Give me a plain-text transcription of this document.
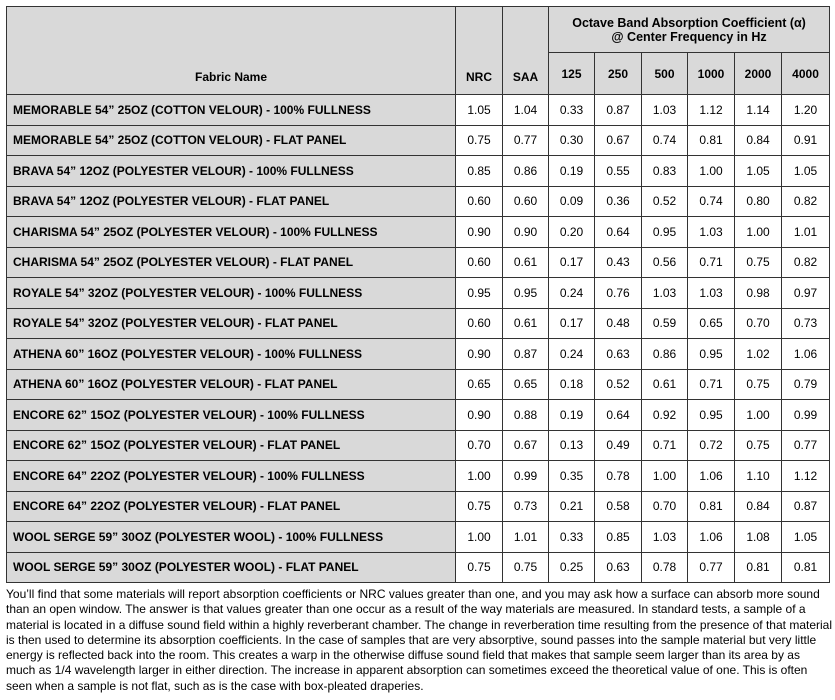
Fabric Name	NRC	SAA	Octave Band Absorption Coefficient (α)
@ Center Frequency in Hz					

			125	250	500	1000	2000	4000
MEMORABLE 54” 25OZ (COTTON VELOUR) - 100% FULLNESS	1.05	1.04	0.33	0.87	1.03	1.12	1.14	1.20
MEMORABLE 54” 25OZ (COTTON VELOUR) - FLAT PANEL	0.75	0.77	0.30	0.67	0.74	0.81	0.84	0.91
BRAVA 54” 12OZ (POLYESTER VELOUR) - 100% FULLNESS	0.85	0.86	0.19	0.55	0.83	1.00	1.05	1.05
BRAVA 54” 12OZ (POLYESTER VELOUR) - FLAT PANEL	0.60	0.60	0.09	0.36	0.52	0.74	0.80	0.82
CHARISMA 54” 25OZ (POLYESTER VELOUR) - 100% FULLNESS	0.90	0.90	0.20	0.64	0.95	1.03	1.00	1.01
CHARISMA 54” 25OZ (POLYESTER VELOUR) - FLAT PANEL	0.60	0.61	0.17	0.43	0.56	0.71	0.75	0.82
ROYALE 54” 32OZ (POLYESTER VELOUR) - 100% FULLNESS	0.95	0.95	0.24	0.76	1.03	1.03	0.98	0.97
ROYALE 54” 32OZ (POLYESTER VELOUR) - FLAT PANEL	0.60	0.61	0.17	0.48	0.59	0.65	0.70	0.73
ATHENA 60” 16OZ (POLYESTER VELOUR) - 100% FULLNESS	0.90	0.87	0.24	0.63	0.86	0.95	1.02	1.06
ATHENA 60” 16OZ (POLYESTER VELOUR) - FLAT PANEL	0.65	0.65	0.18	0.52	0.61	0.71	0.75	0.79
ENCORE 62” 15OZ (POLYESTER VELOUR) - 100% FULLNESS	0.90	0.88	0.19	0.64	0.92	0.95	1.00	0.99
ENCORE 62” 15OZ (POLYESTER VELOUR) - FLAT PANEL	0.70	0.67	0.13	0.49	0.71	0.72	0.75	0.77
ENCORE 64” 22OZ (POLYESTER VELOUR) - 100% FULLNESS	1.00	0.99	0.35	0.78	1.00	1.06	1.10	1.12
ENCORE 64” 22OZ (POLYESTER VELOUR) - FLAT PANEL	0.75	0.73	0.21	0.58	0.70	0.81	0.84	0.87
WOOL SERGE 59” 30OZ (POLYESTER WOOL) - 100% FULLNESS	1.00	1.01	0.33	0.85	1.03	1.06	1.08	1.05
WOOL SERGE 59” 30OZ (POLYESTER WOOL) - FLAT PANEL	0.75	0.75	0.25	0.63	0.78	0.77	0.81	0.81

You’ll find that some materials will report absorption coefficients or NRC values greater than one, and you may ask how a surface can absorb more sound than an open window. The answer is that values greater than one occur as a result of the way materials are measured. In standard tests, a sample of a material is located in a diffuse sound field within a highly reverberant chamber. The change in reverberation time resulting from the presence of that material is then used to determine its absorption coefficients. In the case of samples that are very absorptive, sound passes into the sample material but very little energy is reflected back into the room. This creates a warp in the otherwise diffuse sound field that makes that sample seem larger than its area by as much as 1/4 wavelength larger in either direction. The increase in apparent absorption can sometimes exceed the theoretical value of one. This is often seen when a sample is not flat, such as is the case with box-pleated draperies.
